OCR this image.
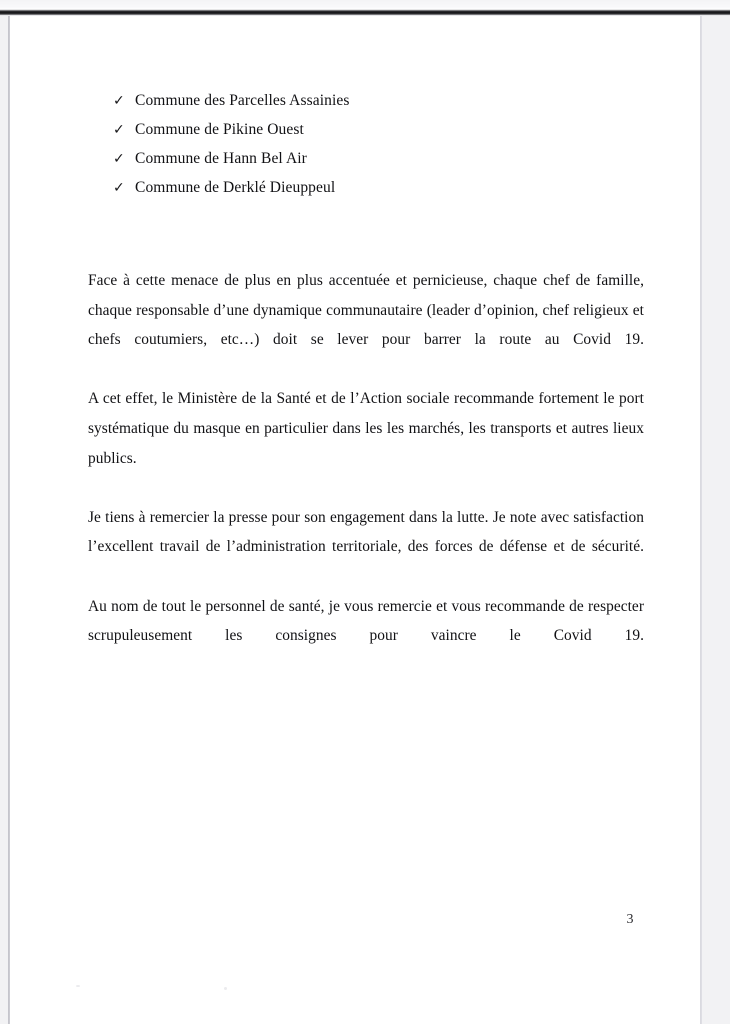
✓ Commune des Parcelles Assainies
✓ Commune de Pikine Ouest
✓ Commune de Hann Bel Air
✓ Commune de Derklé Dieuppeul

Face à cette menace de plus en plus accentuée et pernicieuse, chaque chef de famille, chaque responsable d’une dynamique communautaire (leader d’opinion, chef religieux et chefs coutumiers, etc…) doit se lever pour barrer la route au Covid 19.

A cet effet, le Ministère de la Santé et de l’Action sociale recommande fortement le port systématique du masque en particulier dans les les marchés, les transports et autres lieux publics.

Je tiens à remercier la presse pour son engagement dans la lutte. Je note avec satisfaction l’excellent travail de l’administration territoriale, des forces de défense et de sécurité.

Au nom de tout le personnel de santé, je vous remercie et vous recommande de respecter scrupuleusement les consignes pour vaincre le Covid 19.

3
